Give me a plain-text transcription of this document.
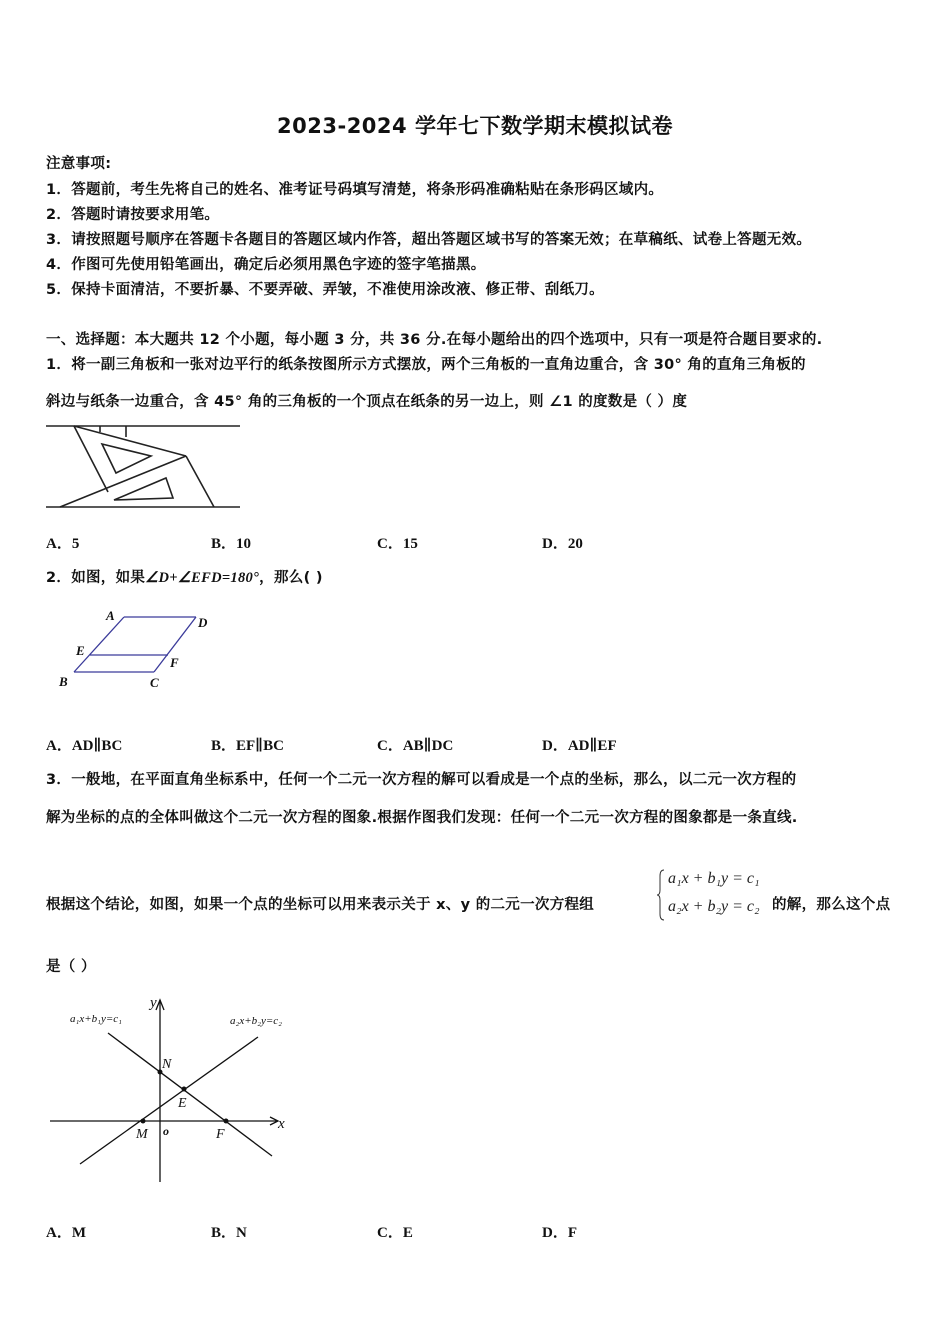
2023-2024 学年七下数学期末模拟试卷
注意事项:
1．答题前，考生先将自己的姓名、准考证号码填写清楚，将条形码准确粘贴在条形码区域内。
2．答题时请按要求用笔。
3．请按照题号顺序在答题卡各题目的答题区域内作答，超出答题区域书写的答案无效；在草稿纸、试卷上答题无效。
4．作图可先使用铅笔画出，确定后必须用黑色字迹的签字笔描黑。
5．保持卡面清洁，不要折暴、不要弄破、弄皱，不准使用涂改液、修正带、刮纸刀。
一、选择题：本大题共 12 个小题，每小题 3 分，共 36 分.在每小题给出的四个选项中，只有一项是符合题目要求的.
1．将一副三角板和一张对边平行的纸条按图所示方式摆放，两个三角板的一直角边重合，含 30° 角的直角三角板的
斜边与纸条一边重合，含 45° 角的三角板的一个顶点在纸条的另一边上，则 ∠1 的度数是（ ）度
A．5	B．10	C．15	D．20
2．如图，如果∠D+∠EFD=180°，那么( )
A	D
E
F
B	C
A．AD∥BC	B．EF∥BC	C．AB∥DC	D．AD∥EF
3．一般地，在平面直角坐标系中，任何一个二元一次方程的解可以看成是一个点的坐标，那么，以二元一次方程的
解为坐标的点的全体叫做这个二元一次方程的图象.根据作图我们发现：任何一个二元一次方程的图象都是一条直线.
根据这个结论，如图，如果一个点的坐标可以用来表示关于 x、y 的二元一次方程组
a₁x + b₁y = c₁
a₂x + b₂y = c₂ 的解，那么这个点
是（ ）
y
x
o
a₁x+b₁y=c₁	a₂x+b₂y=c₂
N
E
M	F
A．M	B．N	C．E	D．F
